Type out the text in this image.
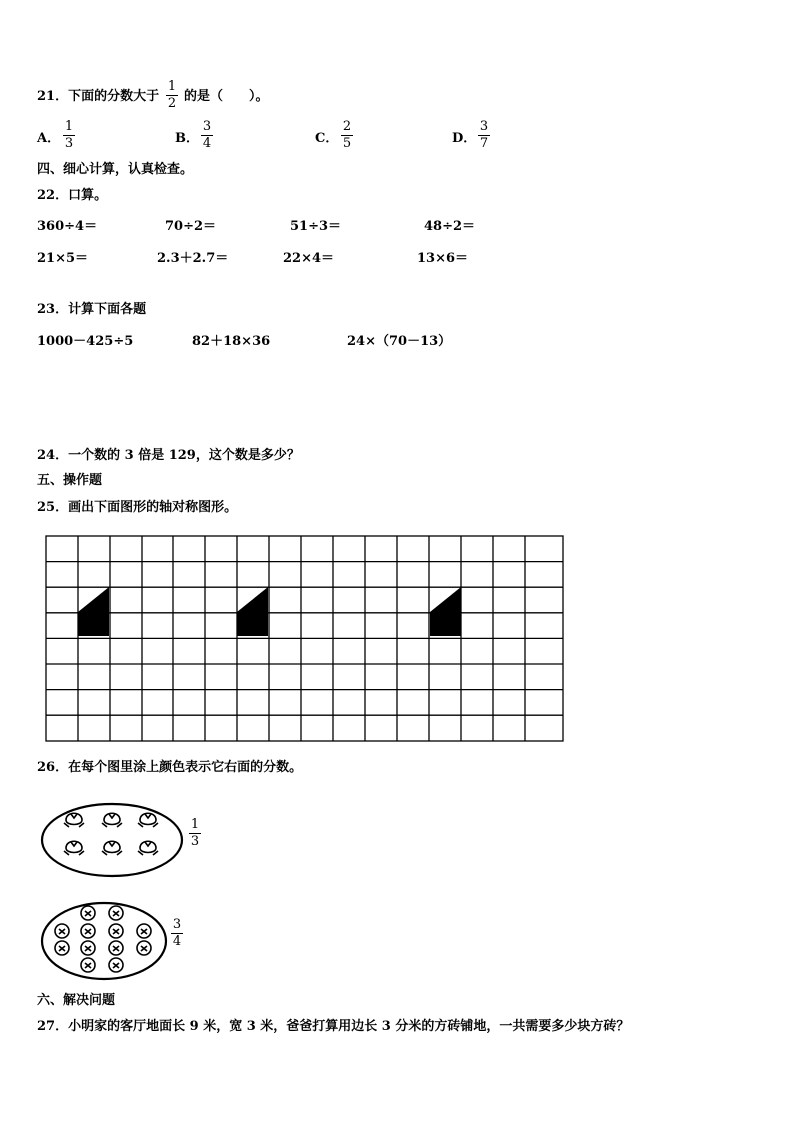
21．下面的分数大于
1
2 的是（　　）。
A．
1
3	B．
3
4	C．
2
5	D．
3
7
四、细心计算，认真检查。
22．口算。
360÷4＝	70÷2＝	51÷3＝	48÷2＝
21×5＝	2.3＋2.7＝	22×4＝	13×6＝
23．计算下面各题
1000－425÷5	82＋18×36	24×（70－13）
24．一个数的 3 倍是 129，这个数是多少？
五、操作题
25．画出下面图形的轴对称图形。
26．在每个图里涂上颜色表示它右面的分数。
1
3
3
4
六、解决问题
27．小明家的客厅地面长 9 米，宽 3 米，爸爸打算用边长 3 分米的方砖铺地，一共需要多少块方砖？
